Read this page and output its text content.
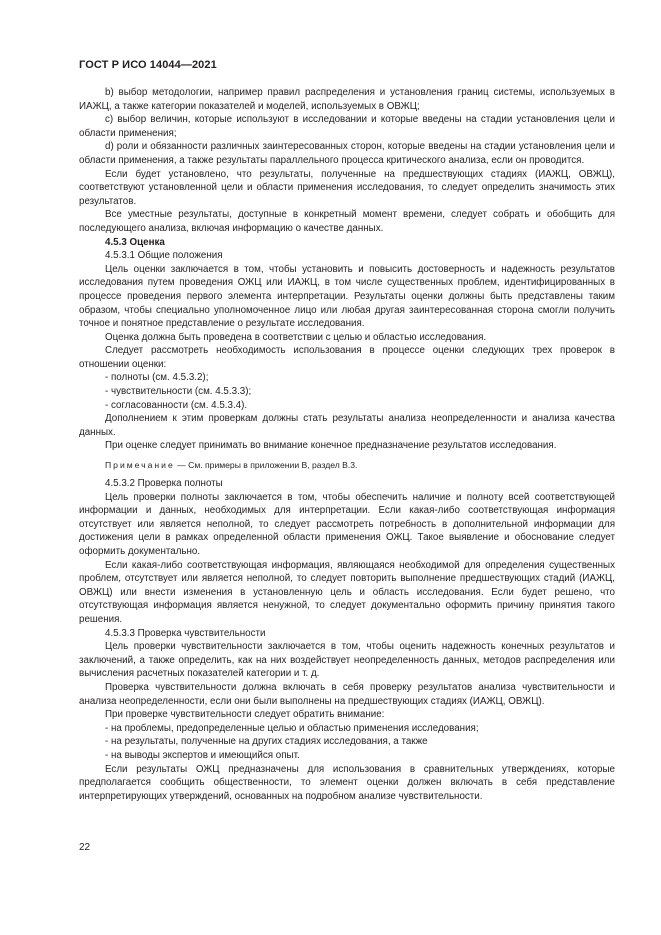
ГОСТ Р ИСО 14044—2021

b) выбор методологии, например правил распределения и установления границ системы, используемых в ИАЖЦ, а также категории показателей и моделей, используемых в ОВЖЦ;

c) выбор величин, которые используют в исследовании и которые введены на стадии установления цели и области применения;

d) роли и обязанности различных заинтересованных сторон, которые введены на стадии установления цели и области применения, а также результаты параллельного процесса критического анализа, если он проводится.

Если будет установлено, что результаты, полученные на предшествующих стадиях (ИАЖЦ, ОВЖЦ), соответствуют установленной цели и области применения исследования, то следует определить значимость этих результатов.

Все уместные результаты, доступные в конкретный момент времени, следует собрать и обобщить для последующего анализа, включая информацию о качестве данных.

4.5.3 Оценка

4.5.3.1 Общие положения

Цель оценки заключается в том, чтобы установить и повысить достоверность и надежность результатов исследования путем проведения ОЖЦ или ИАЖЦ, в том числе существенных проблем, идентифицированных в процессе проведения первого элемента интерпретации. Результаты оценки должны быть представлены таким образом, чтобы специально уполномоченное лицо или любая другая заинтересованная сторона смогли получить точное и понятное представление о результате исследования.

Оценка должна быть проведена в соответствии с целью и областью исследования.

Следует рассмотреть необходимость использования в процессе оценки следующих трех проверок в отношении оценки:

- полноты (см. 4.5.3.2);

- чувствительности (см. 4.5.3.3);

- согласованности (см. 4.5.3.4).

Дополнением к этим проверкам должны стать результаты анализа неопределенности и анализа качества данных.

При оценке следует принимать во внимание конечное предназначение результатов исследования.

Примечание — См. примеры в приложении В, раздел В.3.

4.5.3.2 Проверка полноты

Цель проверки полноты заключается в том, чтобы обеспечить наличие и полноту всей соответствующей информации и данных, необходимых для интерпретации. Если какая-либо соответствующая информация отсутствует или является неполной, то следует рассмотреть потребность в дополнительной информации для достижения цели в рамках определенной области применения ОЖЦ. Такое выявление и обоснование следует оформить документально.

Если какая-либо соответствующая информация, являющаяся необходимой для определения существенных проблем, отсутствует или является неполной, то следует повторить выполнение предшествующих стадий (ИАЖЦ, ОВЖЦ) или внести изменения в установленную цель и область исследования. Если будет решено, что отсутствующая информация является ненужной, то следует документально оформить причину принятия такого решения.

4.5.3.3 Проверка чувствительности

Цель проверки чувствительности заключается в том, чтобы оценить надежность конечных результатов и заключений, а также определить, как на них воздействует неопределенность данных, методов распределения или вычисления расчетных показателей категории и т. д.

Проверка чувствительности должна включать в себя проверку результатов анализа чувствительности и анализа неопределенности, если они были выполнены на предшествующих стадиях (ИАЖЦ, ОВЖЦ).

При проверке чувствительности следует обратить внимание:

- на проблемы, предопределенные целью и областью применения исследования;

- на результаты, полученные на других стадиях исследования, а также

- на выводы экспертов и имеющийся опыт.

Если результаты ОЖЦ предназначены для использования в сравнительных утверждениях, которые предполагается сообщить общественности, то элемент оценки должен включать в себя представление интерпретирующих утверждений, основанных на подробном анализе чувствительности.

22
